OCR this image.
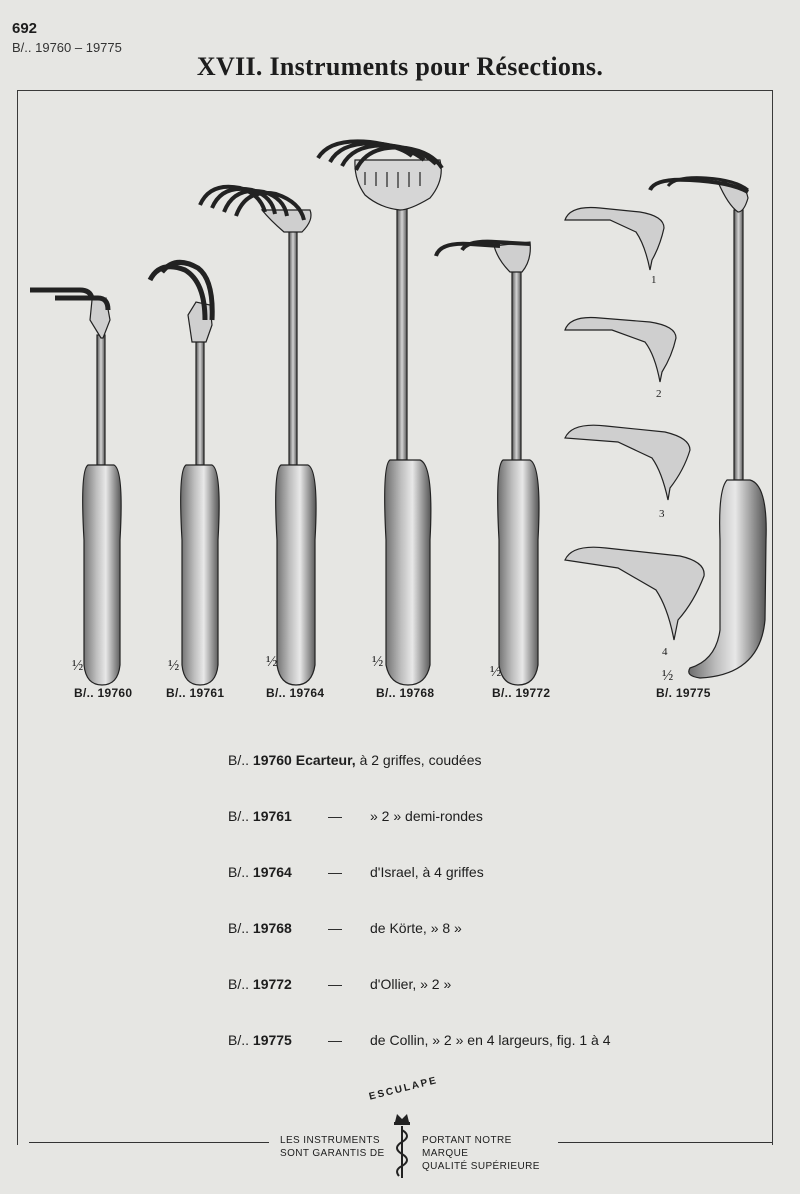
692
B/.. 19760 – 19775
XVII. Instruments pour Résections.
½
B/.. 19760
½
B/.. 19761
½
B/.. 19764
½
B/.. 19768
½
B/.. 19772
½
B/. 19775
1
2
3
4
B/.. 19760 Ecarteur, à 2 griffes, coudées
B/.. 19761	— » 2 » demi-rondes
B/.. 19764	— d'Israel, à 4 griffes
B/.. 19768	— de Körte, » 8 »
B/.. 19772	— d'Ollier, » 2 »
B/.. 19775	— de Collin, » 2 » en 4 largeurs, fig. 1 à 4
ESCULAPE
LES INSTRUMENTS
SONT GARANTIS DE
PORTANT NOTRE MARQUE
QUALITÉ SUPÉRIEURE
